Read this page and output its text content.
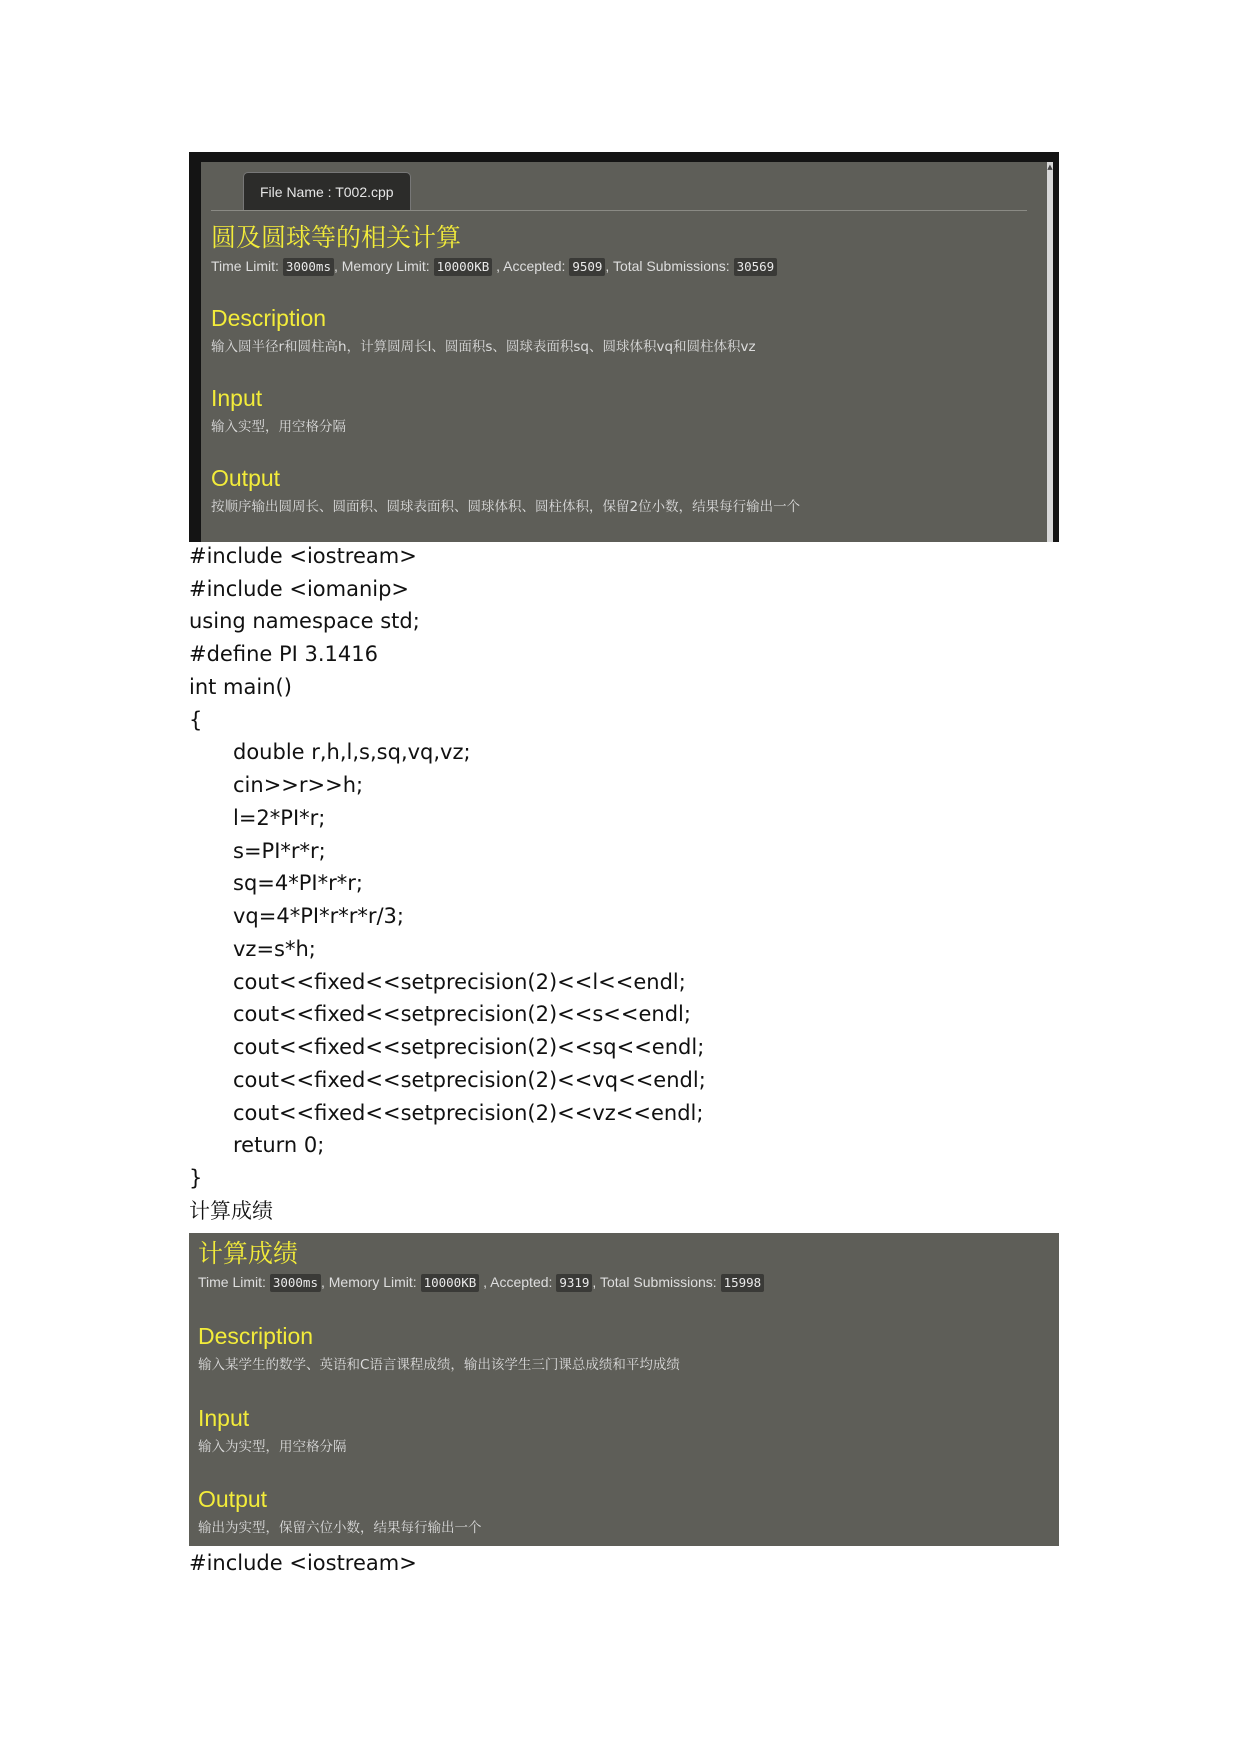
▲
File Name : T002.cpp
圆及圆球等的相关计算
Time Limit: 3000ms , Memory Limit: 10000KB , Accepted: 9509 , Total Submissions: 30569
Description
输入圆半径r和圆柱高h，计算圆周长l、圆面积s、圆球表面积sq、圆球体积vq和圆柱体积vz
Input
输入实型，用空格分隔
Output
按顺序输出圆周长、圆面积、圆球表面积、圆球体积、圆柱体积，保留2位小数，结果每行输出一个
#include <iostream>
#include <iomanip>
using namespace std;
#define PI 3.1416
int main()
{
double r,h,l,s,sq,vq,vz;
cin>>r>>h;
l=2*PI*r;
s=PI*r*r;
sq=4*PI*r*r;
vq=4*PI*r*r*r/3;
vz=s*h;
cout<<fixed<<setprecision(2)<<l<<endl;
cout<<fixed<<setprecision(2)<<s<<endl;
cout<<fixed<<setprecision(2)<<sq<<endl;
cout<<fixed<<setprecision(2)<<vq<<endl;
cout<<fixed<<setprecision(2)<<vz<<endl;
return 0;
}
计算成绩
计算成绩
Time Limit: 3000ms , Memory Limit: 10000KB , Accepted: 9319 , Total Submissions: 15998
Description
输入某学生的数学、英语和C语言课程成绩，输出该学生三门课总成绩和平均成绩
Input
输入为实型，用空格分隔
Output
输出为实型，保留六位小数，结果每行输出一个
#include <iostream>
